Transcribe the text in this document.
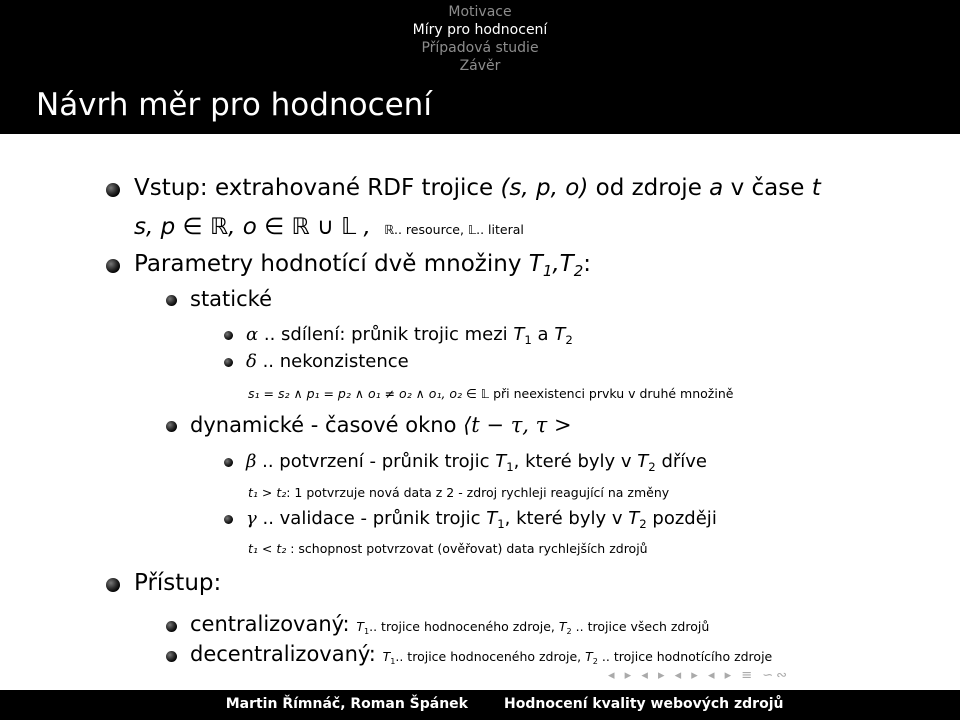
Motivace
Míry pro hodnocení
Případová studie
Závěr
Návrh měr pro hodnocení
Vstup: extrahované RDF trojice (s, p, o) od zdroje a v čase t
s, p ∈ ℝ, o ∈ ℝ ∪ 𝕃 , ℝ.. resource, 𝕃.. literal
Parametry hodnotící dvě množiny $T_1,T_2$:
statické
α .. sdílení: průnik trojic mezi $T_1$ a $T_2$
δ .. nekonzistence
s₁ = s₂ ∧ p₁ = p₂ ∧ o₁ ≠ o₂ ∧ o₁, o₂ ∈ 𝕃 při neexistenci prvku v druhé množině
dynamické - časové okno ⟨t − τ, τ >
β .. potvrzení - průnik trojic $T_1$, které byly v $T_2$ dříve
t₁ > t₂: 1 potvrzuje nová data z 2 - zdroj rychleji reagující na změny
γ .. validace - průnik trojic $T_1$, které byly v $T_2$ později
t₁ < t₂ : schopnost potvrzovat (ověřovat) data rychlejších zdrojů
Přístup:
centralizovaný: $T_1$.. trojice hodnoceného zdroje, $T_2$ .. trojice všech zdrojů
decentralizovaný: $T_1$.. trojice hodnoceného zdroje, $T_2$ .. trojice hodnotícího zdroje
◂ ▸ ◂ ▸ ◂ ▸ ◂ ▸ ≡ ∽∾
Martin Římnáč, Roman Špánek	Hodnocení kvality webových zdrojů
